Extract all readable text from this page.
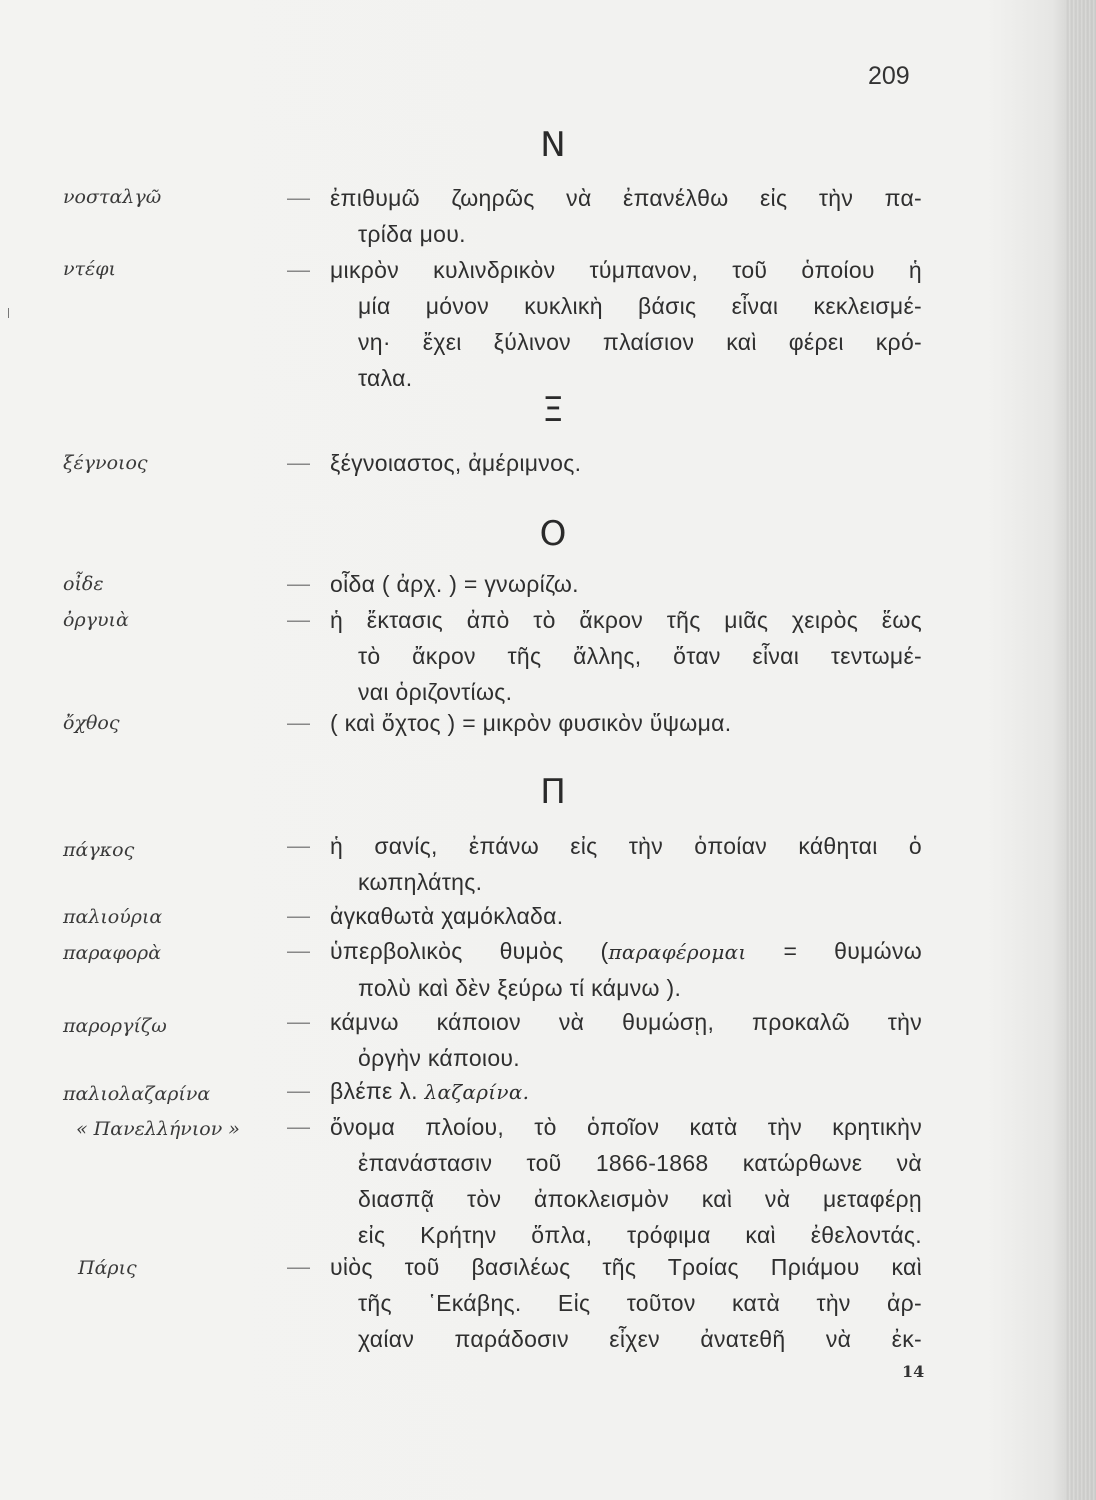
209
Ν
νοσταλγῶ	— ἐπιθυμῶ ζωηρῶς νὰ ἐπανέλθω εἰς τὴν πα-
τρίδα μου.
ντέφι	— μικρὸν κυλινδρικὸν τύμπανον, τοῦ ὁποίου ἡ
μία μόνον κυκλικὴ βάσις εἶναι κεκλεισμέ-
νη· ἔχει ξύλινον πλαίσιον καὶ φέρει κρό-
ταλα.
Ξ
ξέγνοιος	— ξέγνοιαστος, ἀμέριμνος.
Ο
οἶδε	— οἶδα ( ἀρχ. ) = γνωρίζω.
ὀργυιὰ	— ἡ ἔκτασις ἀπὸ τὸ ἄκρον τῆς μιᾶς χειρὸς ἕως
τὸ ἄκρον τῆς ἄλλης, ὅταν εἶναι τεντωμέ-
ναι ὁριζοντίως.
ὄχθος	— ( καὶ ὄχτος ) = μικρὸν φυσικὸν ὕψωμα.
Π
πάγκος	— ἡ σανίς, ἐπάνω εἰς τὴν ὁποίαν κάθηται ὁ
κωπηλάτης.
παλιούρια	— ἀγκαθωτὰ χαμόκλαδα.
παραφορὰ	— ὑπερβολικὸς θυμὸς (παραφέρομαι = θυμώνω
πολὺ καὶ δὲν ξεύρω τί κάμνω ).
παροργίζω	— κάμνω κάποιον νὰ θυμώσῃ, προκαλῶ τὴν
ὀργὴν κάποιου.
παλιολαζαρίνα	— βλέπε λ. λαζαρίνα.
« Πανελλήνιον » — ὄνομα πλοίου, τὸ ὁποῖον κατὰ τὴν κρητικὴν
ἐπανάστασιν τοῦ 1866-1868 κατώρθωνε νὰ
διασπᾷ τὸν ἀποκλεισμὸν καὶ νὰ μεταφέρῃ
εἰς Κρήτην ὅπλα, τρόφιμα καὶ ἐθελοντάς.
Πάρις	— υἱὸς τοῦ βασιλέως τῆς Τροίας Πριάμου καὶ
τῆς ῾Εκάβης. Εἰς τοῦτον κατὰ τὴν ἀρ-
χαίαν παράδοσιν εἶχεν ἀνατεθῆ νὰ ἐκ-
14
